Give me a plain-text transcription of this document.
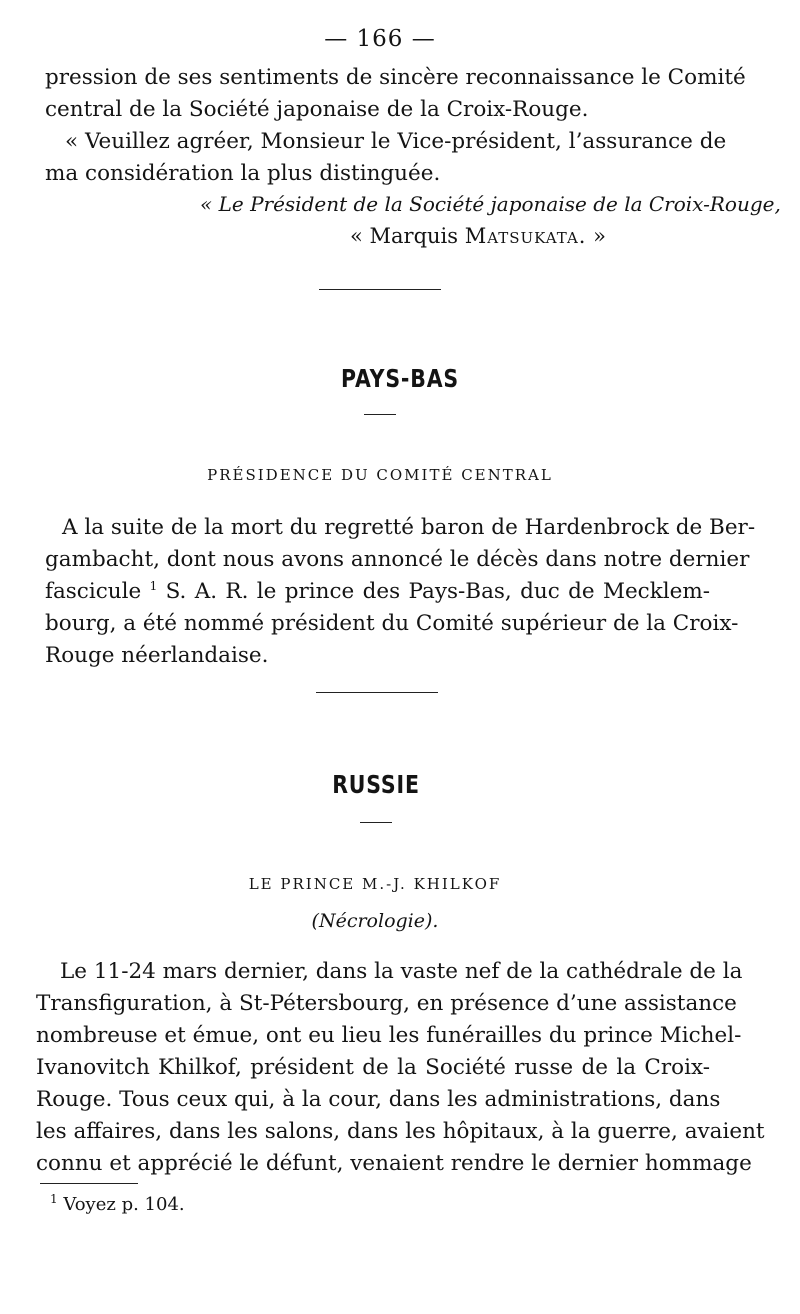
— 166 —
pression de ses sentiments de sincère reconnaissance le Comité
central de la Société japonaise de la Croix-Rouge.
« Veuillez agréer, Monsieur le Vice-président, l’assurance de
ma considération la plus distinguée.
« Le Président de la Société japonaise de la Croix-Rouge,
« Marquis Matsukata. »
PAYS-BAS
PRÉSIDENCE DU COMITÉ CENTRAL
A la suite de la mort du regretté baron de Hardenbrock de Ber-
gambacht, dont nous avons annoncé le décès dans notre dernier
fascicule $^1$ S. A. R. le prince des Pays-Bas, duc de Mecklem-
bourg, a été nommé président du Comité supérieur de la Croix-
Rouge néerlandaise.
RUSSIE
LE PRINCE M.-J. KHILKOF
(Nécrologie).
Le 11-24 mars dernier, dans la vaste nef de la cathédrale de la
Transfiguration, à St-Pétersbourg, en présence d’une assistance
nombreuse et émue, ont eu lieu les funérailles du prince Michel-
Ivanovitch Khilkof, président de la Société russe de la Croix-
Rouge. Tous ceux qui, à la cour, dans les administrations, dans
les affaires, dans les salons, dans les hôpitaux, à la guerre, avaient
connu et apprécié le défunt, venaient rendre le dernier hommage
$^1$ Voyez p. 104.
